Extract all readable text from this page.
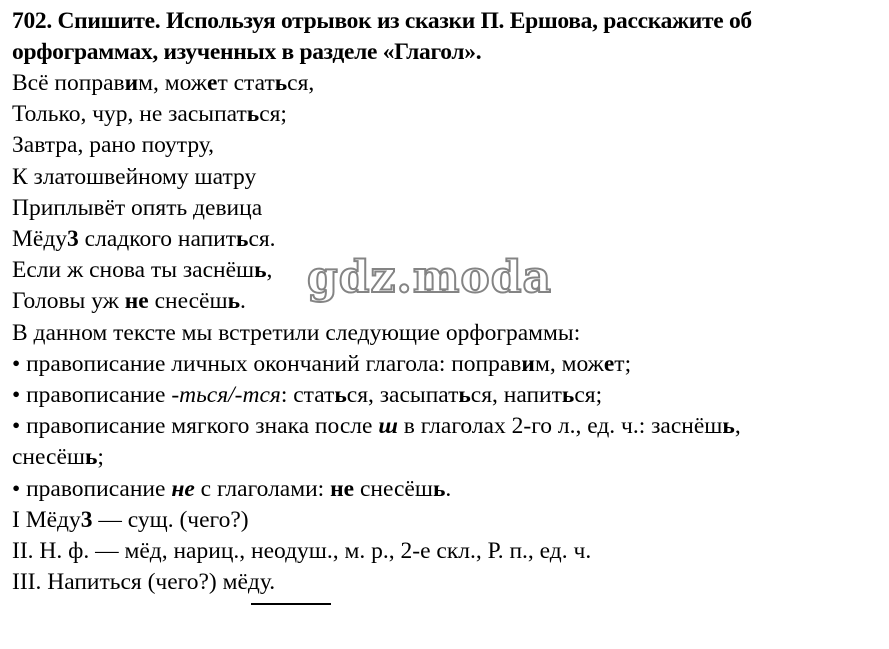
702. Спишите. Используя отрывок из сказки П. Ершова, расскажите об орфограммах, изученных в разделе «Глагол».

Всё поправим, может статься,

Только, чур, не засыпаться;

Завтра, рано поутру,

К златошвейному шатру

Приплывёт опять девица

Мёду3 сладкого напиться.

Если ж снова ты заснёшь,

Головы уж не снесёшь.

В данном тексте мы встретили следующие орфограммы:

• правописание личных окончаний глагола: поправим, может;

• правописание -ться/-тся: статься, засыпаться, напиться;

• правописание мягкого знака после ш в глаголах 2-го л., ед. ч.: заснёшь,

снесёшь;

• правописание не с глаголами: не снесёшь.

I Мёду3 — сущ. (чего?)

II. Н. ф. — мёд, нариц., неодуш., м. р., 2-е скл., Р. п., ед. ч.

III. Напиться (чего?) мёду.

gdz.moda
